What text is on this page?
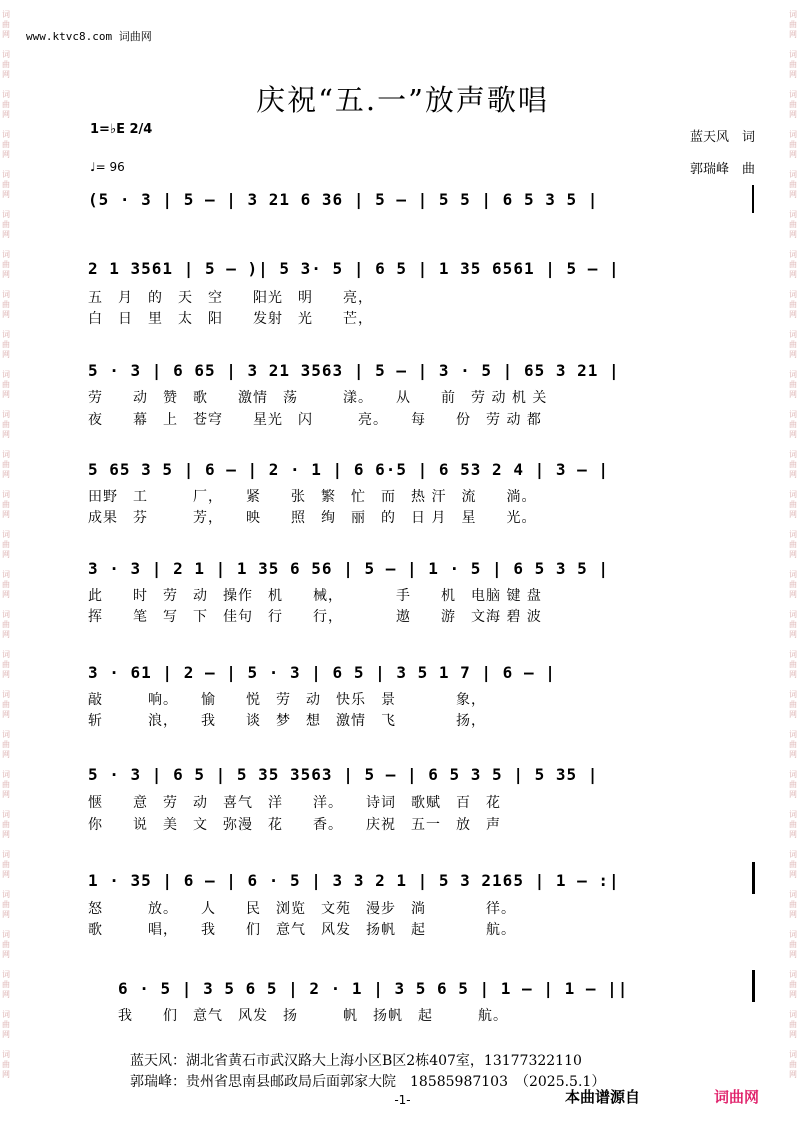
词
曲
网

词
曲
网

词
曲
网

词
曲
网

词
曲
网

词
曲
网

词
曲
网

词
曲
网

词
曲
网

词
曲
网

词
曲
网

词
曲
网

词
曲
网

词
曲
网

词
曲
网

词
曲
网

词
曲
网

词
曲
网

词
曲
网

词
曲
网

词
曲
网

词
曲
网

词
曲
网

词
曲
网

词
曲
网

词
曲
网

词
曲
网
词
曲
网

词
曲
网

词
曲
网

词
曲
网

词
曲
网

词
曲
网

词
曲
网

词
曲
网

词
曲
网

词
曲
网

词
曲
网

词
曲
网

词
曲
网

词
曲
网

词
曲
网

词
曲
网

词
曲
网

词
曲
网

词
曲
网

词
曲
网

词
曲
网

词
曲
网

词
曲
网

词
曲
网

词
曲
网

词
曲
网

词
曲
网
www.ktvc8.com 词曲网
庆祝“五.一”放声歌唱
1=♭E 2/4
♩= 96
蓝天风　词
郭瑞峰　曲
(5 · 3 | 5 – | 3 21 6 36 | 5 – | 5 5 | 6 5 3 5 |
2 1 3561 | 5 – )| 5 3· 5 | 6 5 | 1 35 6561 | 5 – |
五　月　的　天　空　　阳光　明　　亮，
白　日　里　太　阳　　发射　光　　芒，
5 · 3 | 6 65 | 3 21 3563 | 5 – | 3 · 5 | 65 3 21 |
劳　　动　赞　歌　　激情　荡　　　漾。　　从　　前　劳 动 机 关
夜　　幕　上　苍穹　　星光　闪　　　亮。　　每　　份　劳 动 都
5 65 3 5 | 6 – | 2 · 1 | 6 6·5 | 6 53 2 4 | 3 – |
田野　工　　　厂，　　紧　　张　繁　忙　而　热 汗　流　　淌。
成果　芬　　　芳，　　映　　照　绚　丽　的　日 月　星　　光。
3 · 3 | 2 1 | 1 35 6 56 | 5 – | 1 · 5 | 6 5 3 5 |
此　　时　劳　动　操作　机　　械，　　　　手　　机　电脑 键 盘
挥　　笔　写　下　佳句　行　　行，　　　　遨　　游　文海 碧 波
3 · 61 | 2 – | 5 · 3 | 6 5 | 3 5 1 7 | 6 – |
敲　　　响。　　愉　　悦　劳　动　快乐　景　　　　象，
斩　　　浪，　　我　　谈　梦　想　激情　飞　　　　扬，
5 · 3 | 6 5 | 5 35 3563 | 5 – | 6 5 3 5 | 5 35 |
惬　　意　劳　动　喜气　洋　　洋。　　诗词　歌赋　百　花
你　　说　美　文　弥漫　花　　香。　　庆祝　五一　放　声
1 · 35 | 6 – | 6 · 5 | 3 3 2 1 | 5 3 2165 | 1 – :|
怒　　　放。　　人　　民　浏览　文苑　漫步　淌　　　　徉。
歌　　　唱，　　我　　们　意气　风发　扬帆　起　　　　航。
6 · 5 | 3 5 6 5 | 2 · 1 | 3 5 6 5 | 1 – | 1 – ||
我　　们　意气　风发　扬　　　帆　扬帆　起　　　航。
蓝天风：湖北省黄石市武汉路大上海小区B区2栋407室，13177322110
郭瑞峰：贵州省思南县邮政局后面郭家大院　18585987103　（2025.5.1）
-1-	本曲谱源自	词曲网
